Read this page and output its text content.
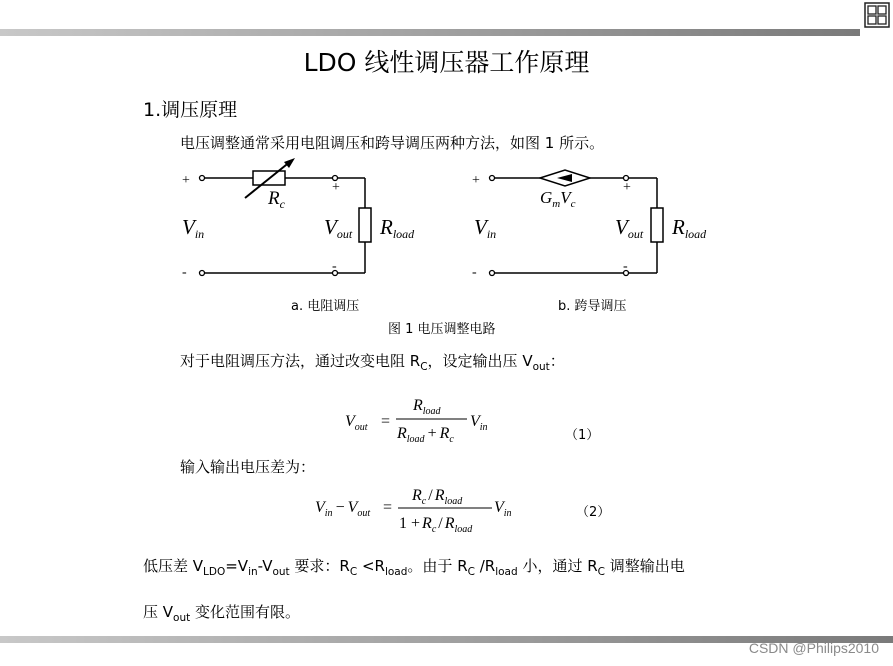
LDO 线性调压器工作原理
1.调压原理
电压调整通常采用电阻调压和跨导调压两种方法，如图 1 所示。
+
-
+
-
$R_c$
Vin	Vout Rload
+
-
+
-
$G_mV_c$
Vin	Vout Rload
a. 电阻调压	b. 跨导调压
图 1 电压调整电路
对于电阻调压方法，通过改变电阻 $R_C$，设定输出压 $V_{out}$：
$V_{out}$ =
$R_{load}$
$R_{load} + R_c$
$V_{in}$
（1）
输入输出电压差为：
$V_{in} - V_{out}$ =
$R_c / R_{load}$
$1 + R_c / R_{load}$
$V_{in}$	（2）
低压差 $V_{LDO}=V_{in}-V_{out}$ 要求：$R_C <R_{load}$。由于 $R_C$ $/R_{load}$ 小，通过 $R_C$ 调整输出电
压 $V_{out}$ 变化范围有限。
CSDN @Philips2010
